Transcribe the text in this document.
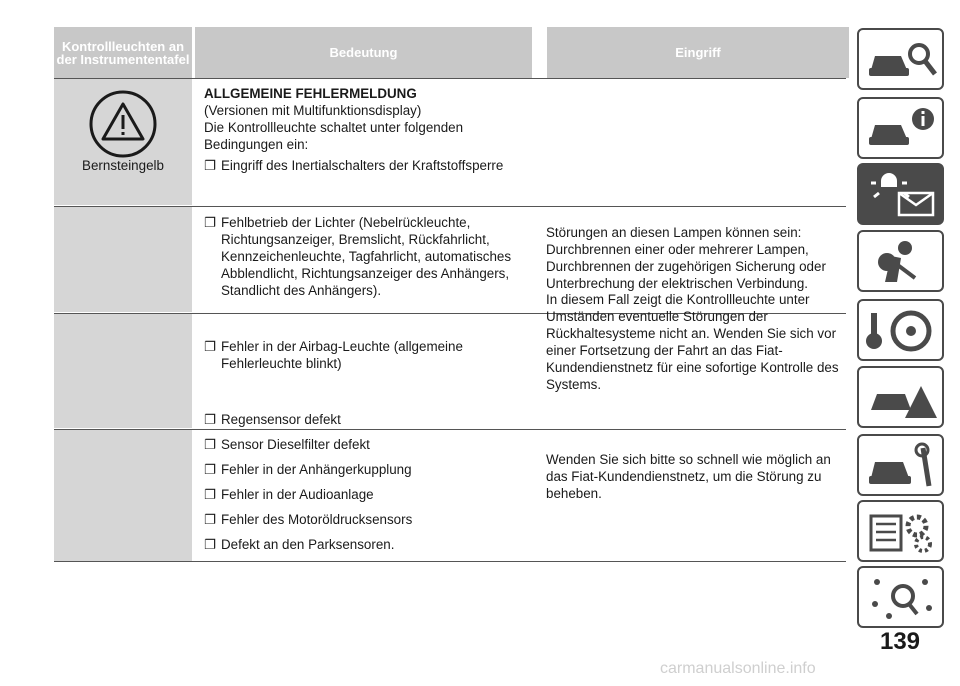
Kontrollleuchten an der Instrumententafel	Bedeutung	Eingriff
Bernsteingelb

ALLGEMEINE FEHLERMELDUNG

(Versionen mit Multifunktionsdisplay)

Die Kontrollleuchte schaltet unter folgenden Bedingungen ein:

❐ Eingriff des Inertialschalters der Kraftstoffsperre

❐ Fehlbetrieb der Lichter (Nebelrückleuchte, Richtungsanzeiger, Bremslicht, Rückfahrlicht, Kennzeichenleuchte, Tagfahrlicht, automatisches Abblendlicht, Richtungsanzeiger des Anhängers, Standlicht des Anhängers).

Störungen an diesen Lampen können sein: Durchbrennen einer oder mehrerer Lampen, Durchbrennen der zugehörigen Sicherung oder Unterbrechung der elektrischen Verbindung.

❐ Fehler in der Airbag-Leuchte (allgemeine Fehlerleuchte blinkt)

In diesem Fall zeigt die Kontrollleuchte unter Umständen eventuelle Störungen der Rückhaltesysteme nicht an. Wenden Sie sich vor einer Fortsetzung der Fahrt an das Fiat-Kundendienstnetz für eine sofortige Kontrolle des Systems.

❐ Regensensor defekt

❐ Sensor Dieselfilter defekt

❐ Fehler in der Anhängerkupplung

❐ Fehler in der Audioanlage

❐ Fehler des Motoröldrucksensors

❐ Defekt an den Parksensoren.

Wenden Sie sich bitte so schnell wie möglich an das Fiat-Kundendienstnetz, um die Störung zu beheben.
139
carmanualsonline.info
